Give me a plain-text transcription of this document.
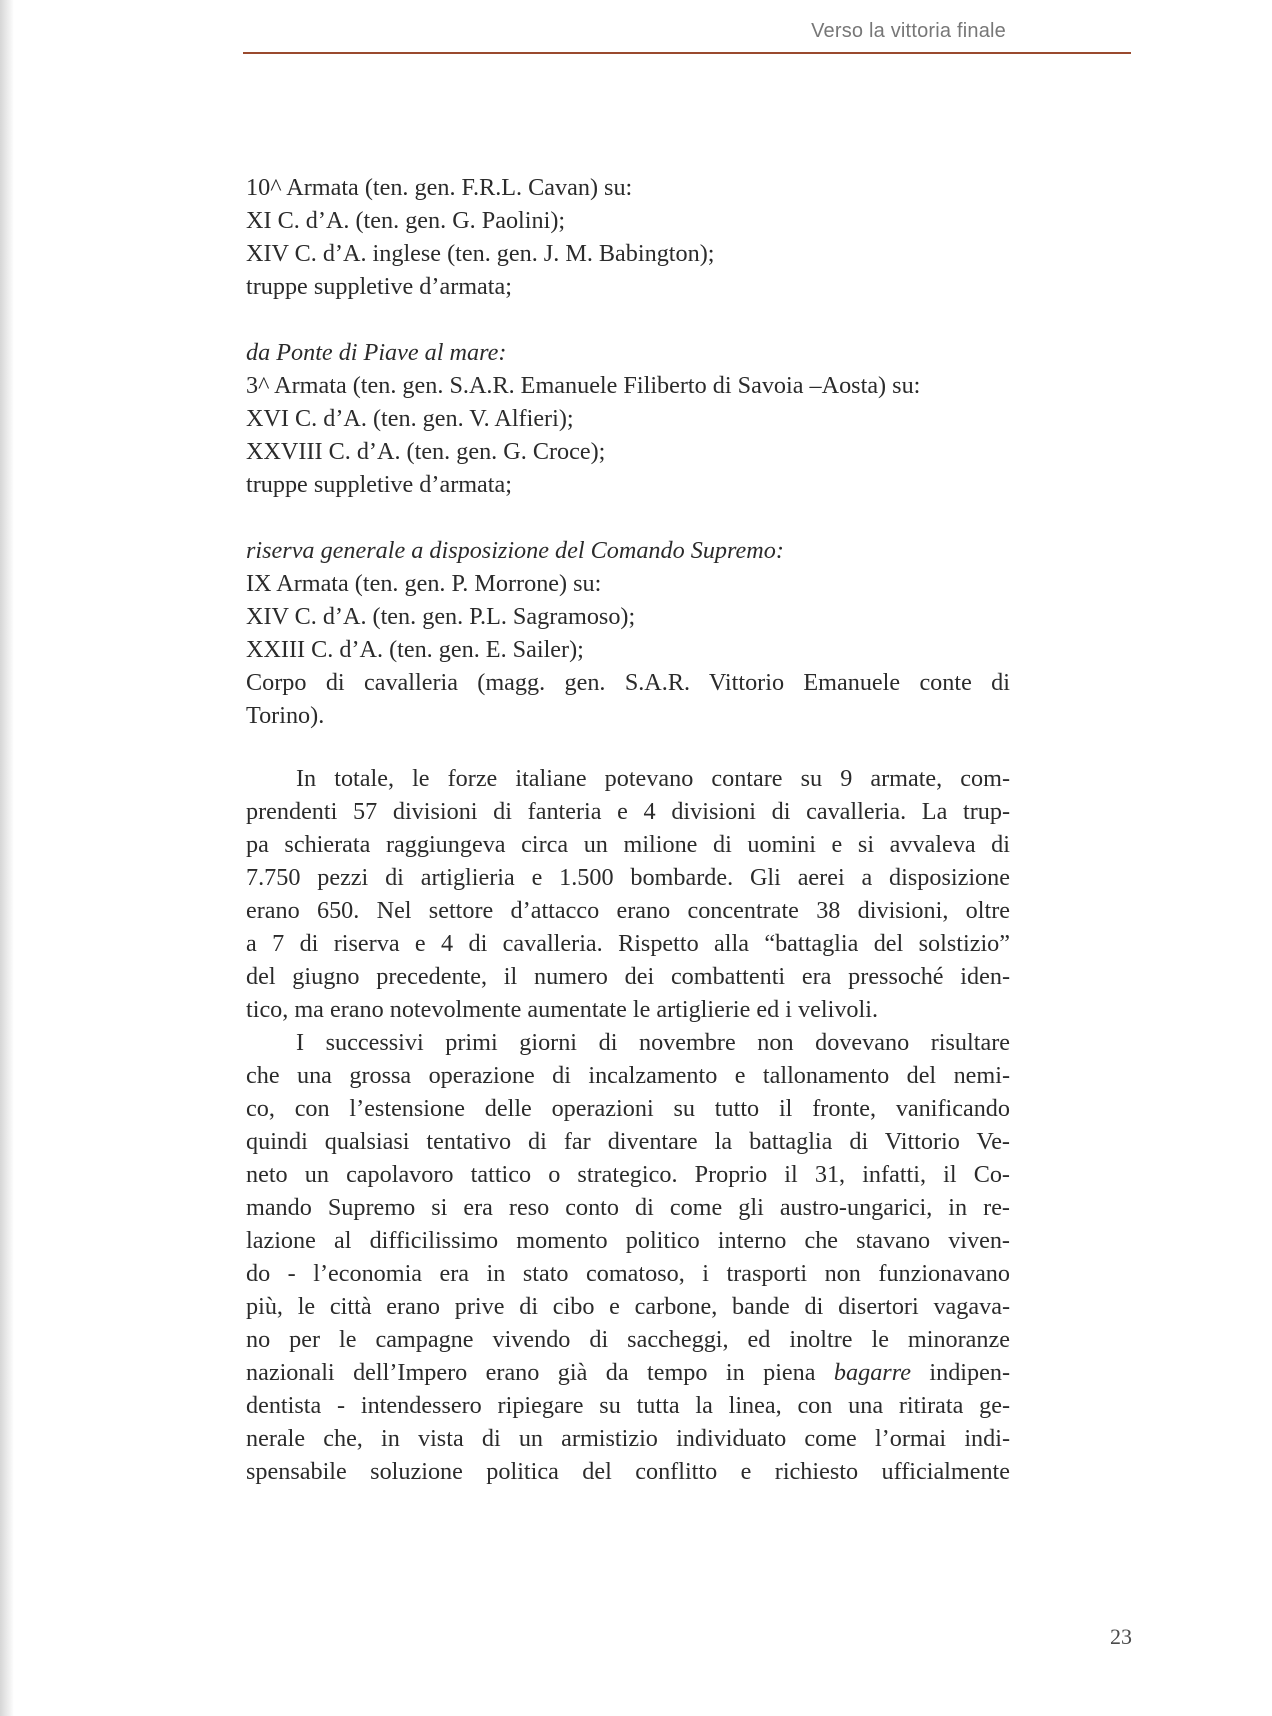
Verso la vittoria finale
10^ Armata (ten. gen. F.R.L. Cavan) su:
XI C. d’A. (ten. gen. G. Paolini);
XIV C. d’A. inglese (ten. gen. J. M. Babington);
truppe suppletive d’armata;
da Ponte di Piave al mare:
3^ Armata (ten. gen. S.A.R. Emanuele Filiberto di Savoia –Aosta) su:
XVI C. d’A. (ten. gen. V. Alfieri);
XXVIII C. d’A. (ten. gen. G. Croce);
truppe suppletive d’armata;
riserva generale a disposizione del Comando Supremo:
IX Armata (ten. gen. P. Morrone) su:
XIV C. d’A. (ten. gen. P.L. Sagramoso);
XXIII C. d’A. (ten. gen. E. Sailer);
Corpo di cavalleria (magg. gen. S.A.R. Vittorio Emanuele conte di
Torino).
In totale, le forze italiane potevano contare su 9 armate, com-
prendenti 57 divisioni di fanteria e 4 divisioni di cavalleria. La trup-
pa schierata raggiungeva circa un milione di uomini e si avvaleva di
7.750 pezzi di artiglieria e 1.500 bombarde. Gli aerei a disposizione
erano 650. Nel settore d’attacco erano concentrate 38 divisioni, oltre
a 7 di riserva e 4 di cavalleria. Rispetto alla “battaglia del solstizio”
del giugno precedente, il numero dei combattenti era pressoché iden-
tico, ma erano notevolmente aumentate le artiglierie ed i velivoli.
I successivi primi giorni di novembre non dovevano risultare
che una grossa operazione di incalzamento e tallonamento del nemi-
co, con l’estensione delle operazioni su tutto il fronte, vanificando
quindi qualsiasi tentativo di far diventare la battaglia di Vittorio Ve-
neto un capolavoro tattico o strategico. Proprio il 31, infatti, il Co-
mando Supremo si era reso conto di come gli austro-ungarici, in re-
lazione al difficilissimo momento politico interno che stavano viven-
do - l’economia era in stato comatoso, i trasporti non funzionavano
più, le città erano prive di cibo e carbone, bande di disertori vagava-
no per le campagne vivendo di saccheggi, ed inoltre le minoranze
nazionali dell’Impero erano già da tempo in piena bagarre indipen-
dentista - intendessero ripiegare su tutta la linea, con una ritirata ge-
nerale che, in vista di un armistizio individuato come l’ormai indi-
spensabile soluzione politica del conflitto e richiesto ufficialmente
23
